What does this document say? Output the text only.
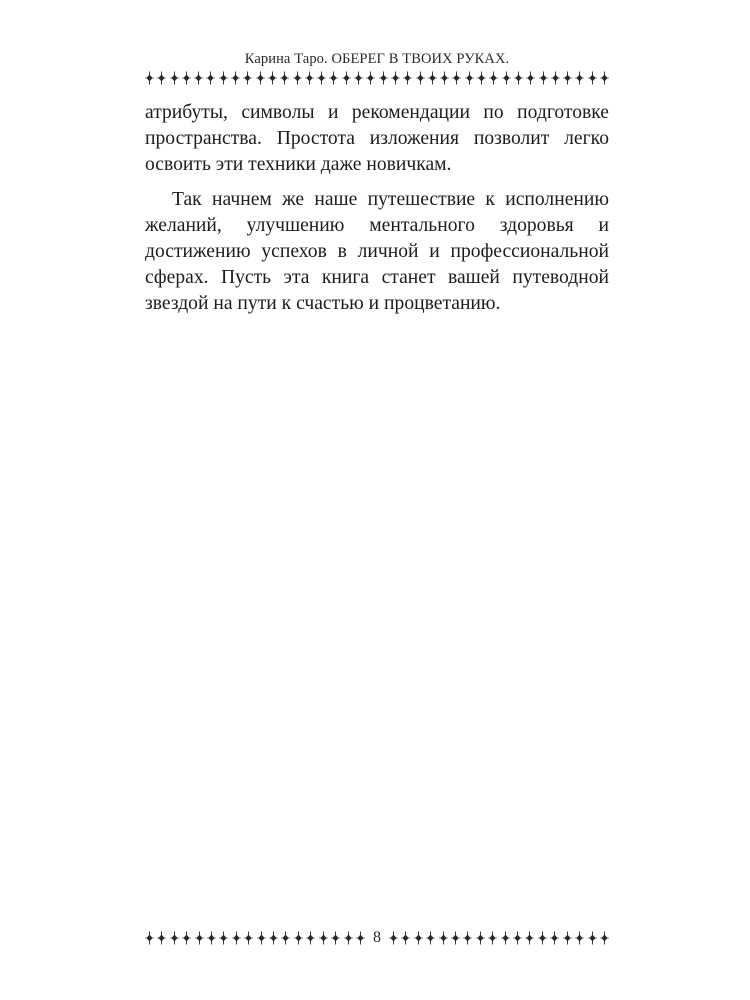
Карина Таро. ОБЕРЕГ В ТВОИХ РУКАХ.

атрибуты, символы и рекомендации по подготовке пространства. Простота изложения позволит легко освоить эти техники даже новичкам.

Так начнем же наше путешествие к исполнению желаний, улучшению ментального здоровья и достижению успехов в личной и профессиональной сферах. Пусть эта книга станет вашей путеводной звездой на пути к счастью и процветанию.

8
